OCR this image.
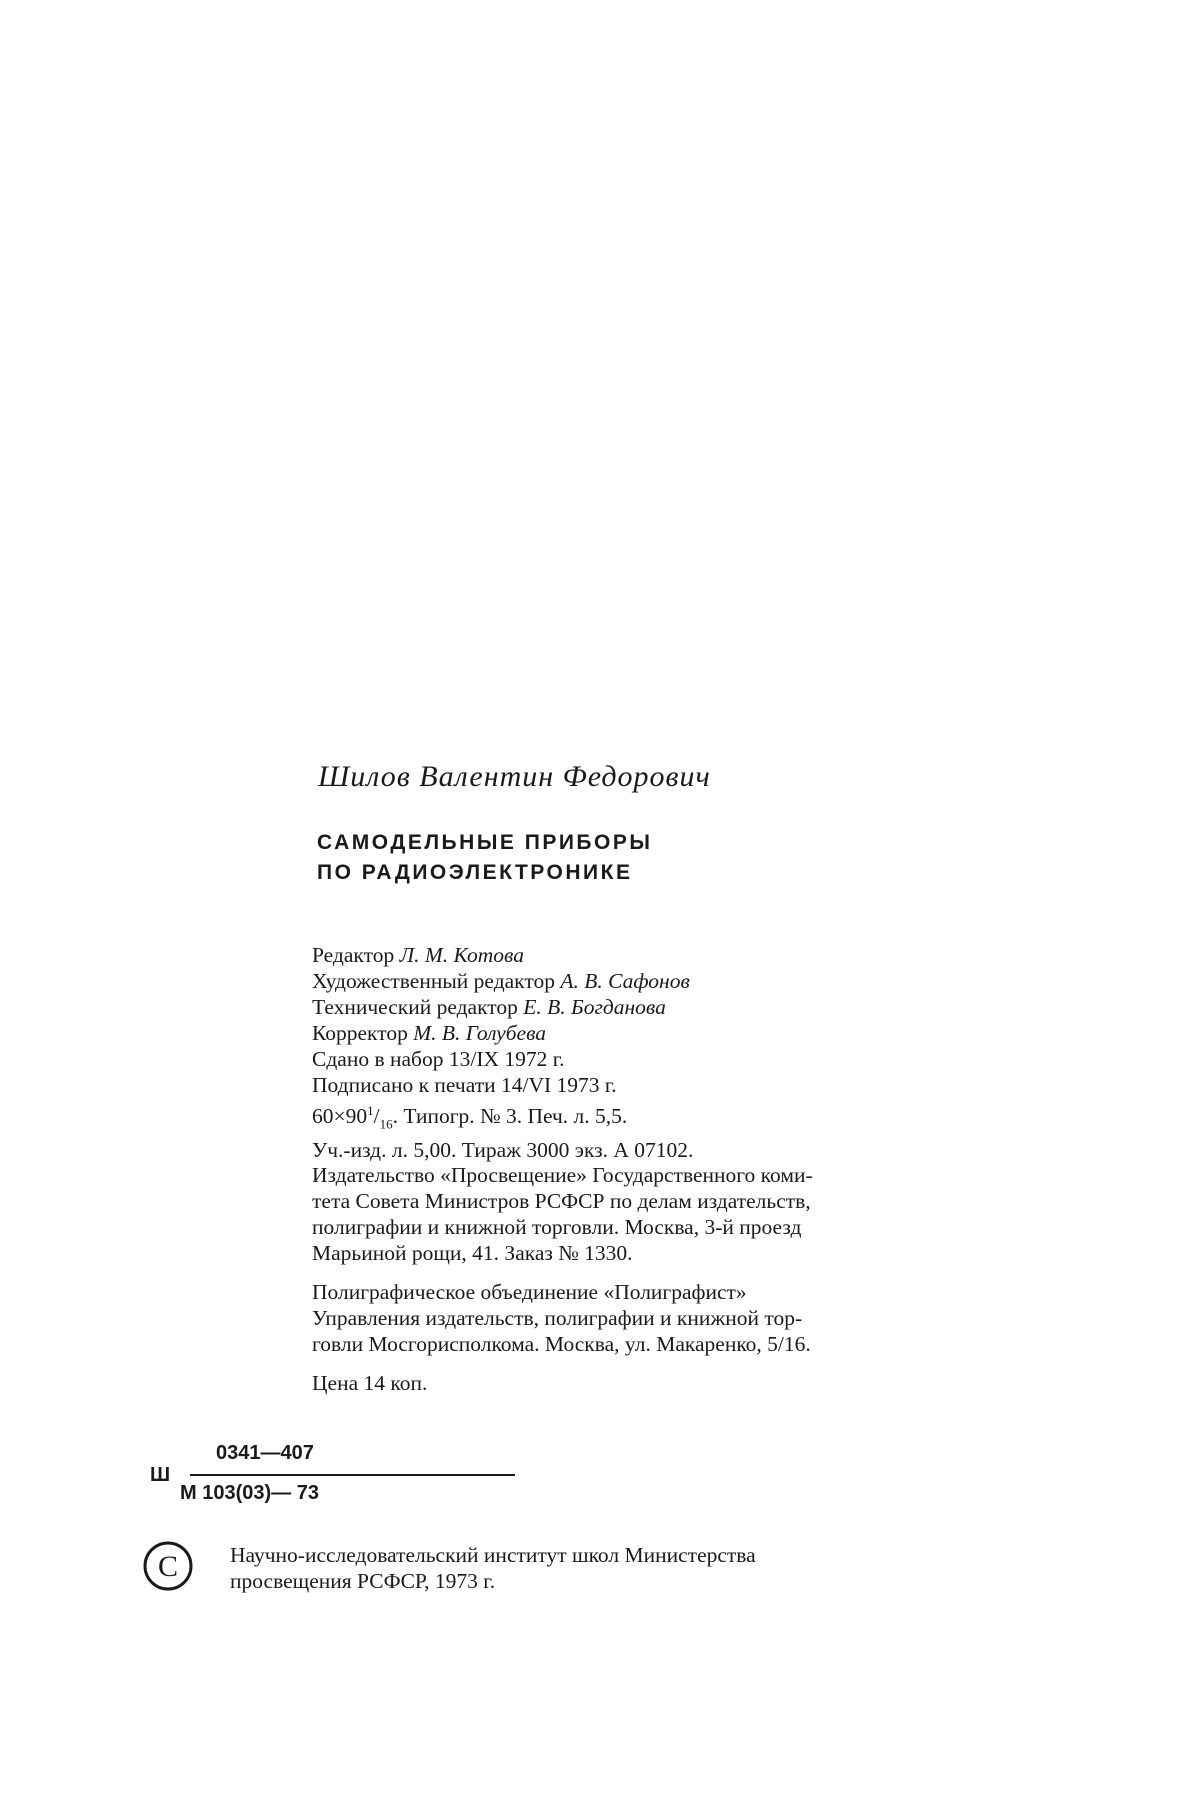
Шилов Валентин Федорович
САМОДЕЛЬНЫЕ ПРИБОРЫ
ПО РАДИОЭЛЕКТРОНИКЕ
Редактор Л. М. Котова
Художественный редактор А. В. Сафонов
Технический редактор Е. В. Богданова
Корректор М. В. Голубева
Сдано в набор 13/IX 1972 г.
Подписано к печати 14/VI 1973 г.
$60\times 90^1/_{16}$. Типогр. № 3. Печ. л. 5,5.
Уч.-изд. л. 5,00. Тираж 3000 экз. А 07102.
Издательство «Просвещение» Государственного коми-
тета Совета Министров РСФСР по делам издательств,
полиграфии и книжной торговли. Москва, 3-й проезд
Марьиной рощи, 41. Заказ № 1330.
Полиграфическое объединение «Полиграфист»
Управления издательств, полиграфии и книжной тор-
говли Мосгорисполкома. Москва, ул. Макаренко, 5/16.
Цена 14 коп.
Ш
0341—407
М 103(03)— 73
C Научно-исследовательский институт школ Министерства
просвещения РСФСР, 1973 г.
